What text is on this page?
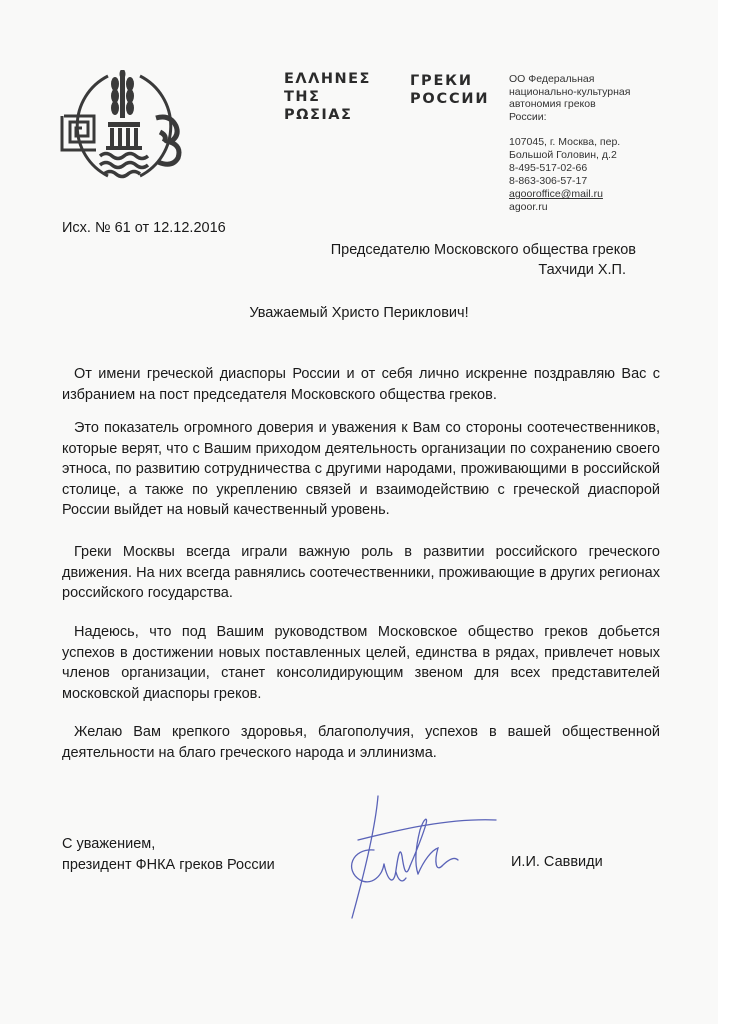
ΕΛΛΗΝΕΣ
ΤΗΣ
ΡΩΣΙΑΣ
ГРЕКИ
РОССИИ

ОО Федеральная

национально-культурная

автономия греков

России:

107045, г. Москва, пер.

Большой Головин, д.2

8-495-517-02-66

8-863-306-57-17

agooroffice@mail.ru

agoor.ru

Исх. № 61 от 12.12.2016
Председателю Московского общества греков
Тахчиди Х.П.
Уважаемый Христо Периклович!

От имени греческой диаспоры России и от себя лично искренне поздравляю Вас с избранием на пост председателя Московского общества греков.

Это показатель огромного доверия и уважения к Вам со стороны соотечественников, которые верят, что с Вашим приходом деятельность организации по сохранению своего этноса, по развитию сотрудничества с другими народами, проживающими в российской столице, а также по укреплению связей и взаимодействию с греческой диаспорой России выйдет на новый качественный уровень.

Греки Москвы всегда играли важную роль в развитии российского греческого движения. На них всегда равнялись соотечественники, проживающие в других регионах российского государства.

Надеюсь, что под Вашим руководством Московское общество греков добьется успехов в достижении новых поставленных целей, единства в рядах, привлечет новых членов организации, станет консолидирующим звеном для всех представителей московской диаспоры греков.

Желаю Вам крепкого здоровья, благополучия, успехов в вашей общественной деятельности на благо греческого народа и эллинизма.

С уважением,

президент ФНКА греков России	И.И. Саввиди
